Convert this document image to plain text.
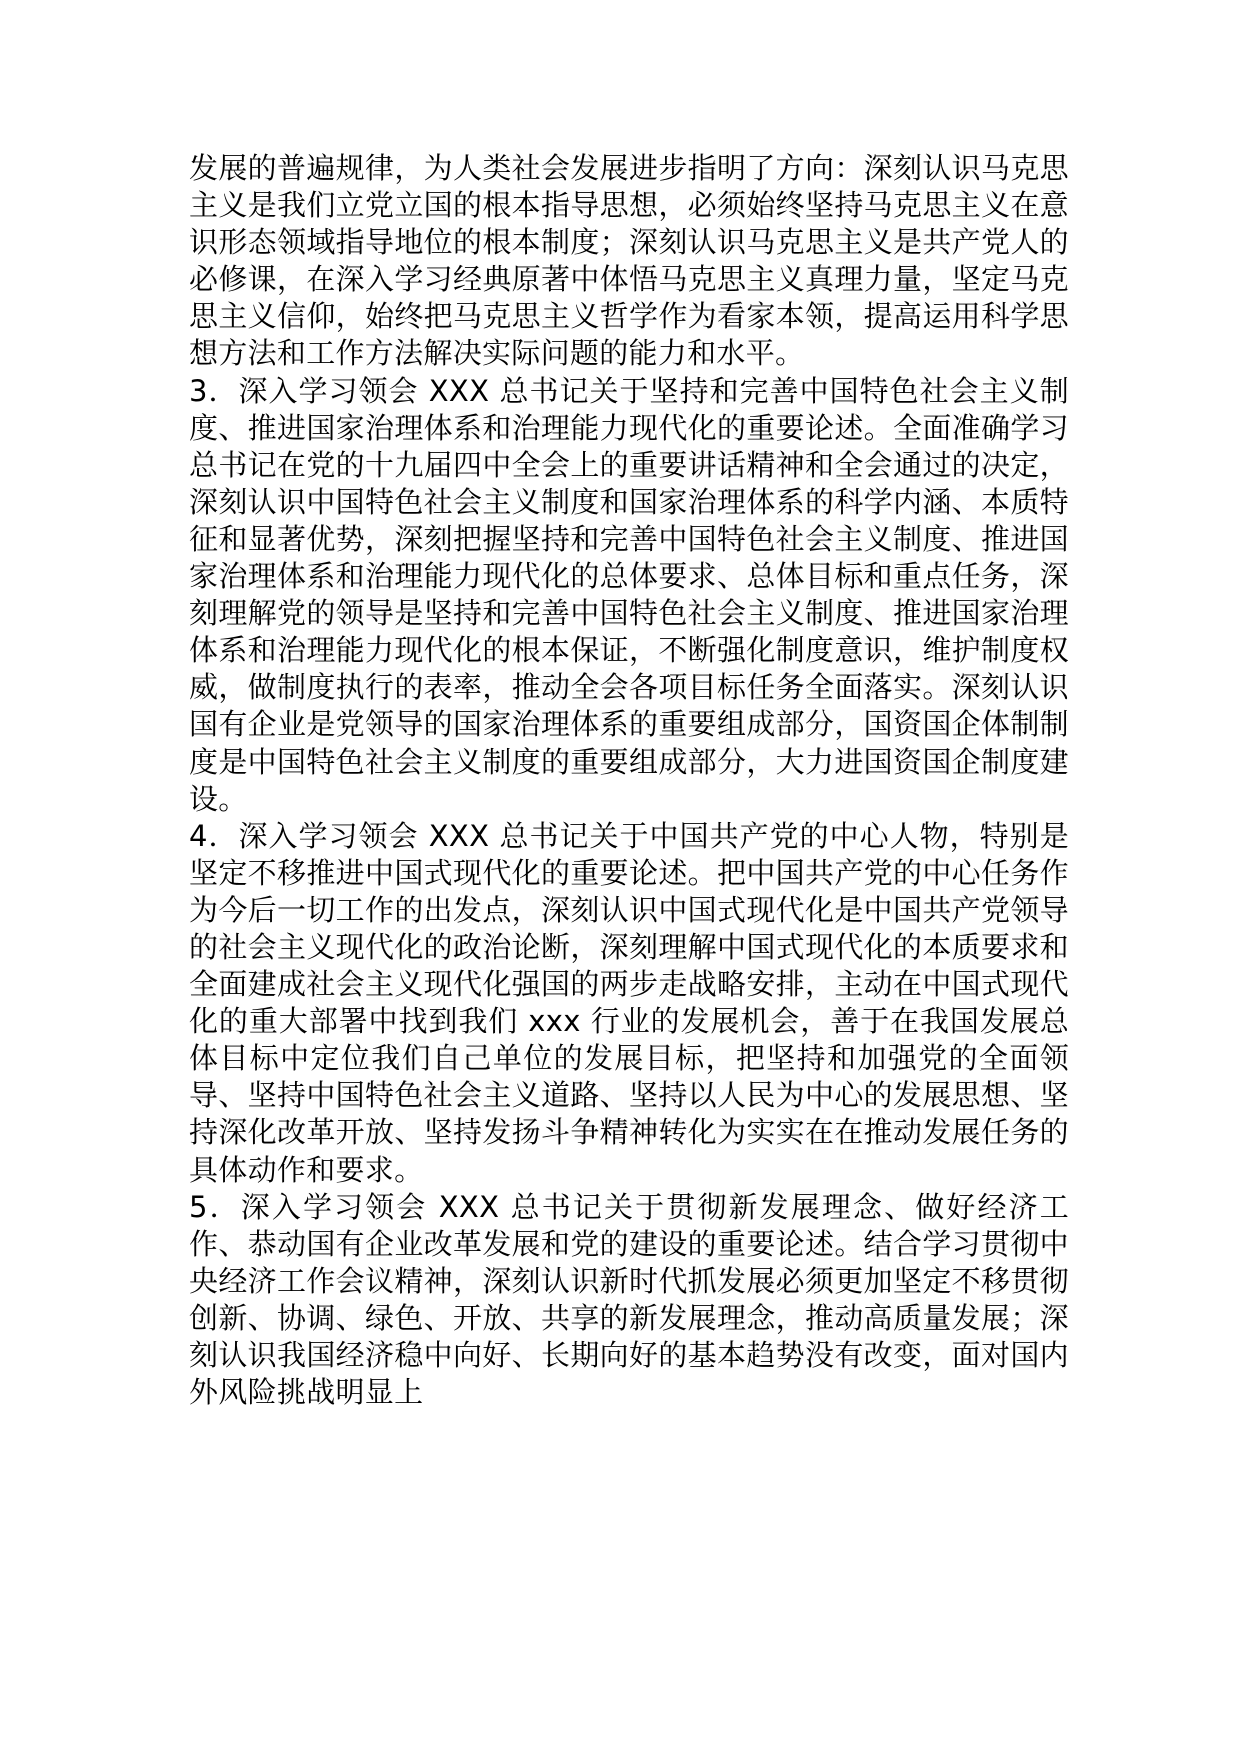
发展的普遍规律，为人类社会发展进步指明了方向：深刻认识马克思主义是我们立党立国的根本指导思想，必须始终坚持马克思主义在意识形态领域指导地位的根本制度；深刻认识马克思主义是共产党人的必修课，在深入学习经典原著中体悟马克思主义真理力量，坚定马克思主义信仰，始终把马克思主义哲学作为看家本领，提高运用科学思想方法和工作方法解决实际问题的能力和水平。

3．深入学习领会 XXX 总书记关于坚持和完善中国特色社会主义制度、推进国家治理体系和治理能力现代化的重要论述。全面准确学习总书记在党的十九届四中全会上的重要讲话精神和全会通过的决定，深刻认识中国特色社会主义制度和国家治理体系的科学内涵、本质特征和显著优势，深刻把握坚持和完善中国特色社会主义制度、推进国家治理体系和治理能力现代化的总体要求、总体目标和重点任务，深刻理解党的领导是坚持和完善中国特色社会主义制度、推进国家治理体系和治理能力现代化的根本保证，不断强化制度意识，维护制度权威，做制度执行的表率，推动全会各项目标任务全面落实。深刻认识国有企业是党领导的国家治理体系的重要组成部分，国资国企体制制度是中国特色社会主义制度的重要组成部分，大力进国资国企制度建设。

4．深入学习领会 XXX 总书记关于中国共产党的中心人物，特别是坚定不移推进中国式现代化的重要论述。把中国共产党的中心任务作为今后一切工作的出发点，深刻认识中国式现代化是中国共产党领导的社会主义现代化的政治论断，深刻理解中国式现代化的本质要求和全面建成社会主义现代化强国的两步走战略安排，主动在中国式现代化的重大部署中找到我们 xxx 行业的发展机会，善于在我国发展总体目标中定位我们自己单位的发展目标，把坚持和加强党的全面领导、坚持中国特色社会主义道路、坚持以人民为中心的发展思想、坚持深化改革开放、坚持发扬斗争精神转化为实实在在推动发展任务的具体动作和要求。

5．深入学习领会 XXX 总书记关于贯彻新发展理念、做好经济工作、恭动国有企业改革发展和党的建设的重要论述。结合学习贯彻中央经济工作会议精神，深刻认识新时代抓发展必须更加坚定不移贯彻创新、协调、绿色、开放、共享的新发展理念，推动高质量发展；深刻认识我国经济稳中向好、长期向好的基本趋势没有改变，面对国内外风险挑战明显上
